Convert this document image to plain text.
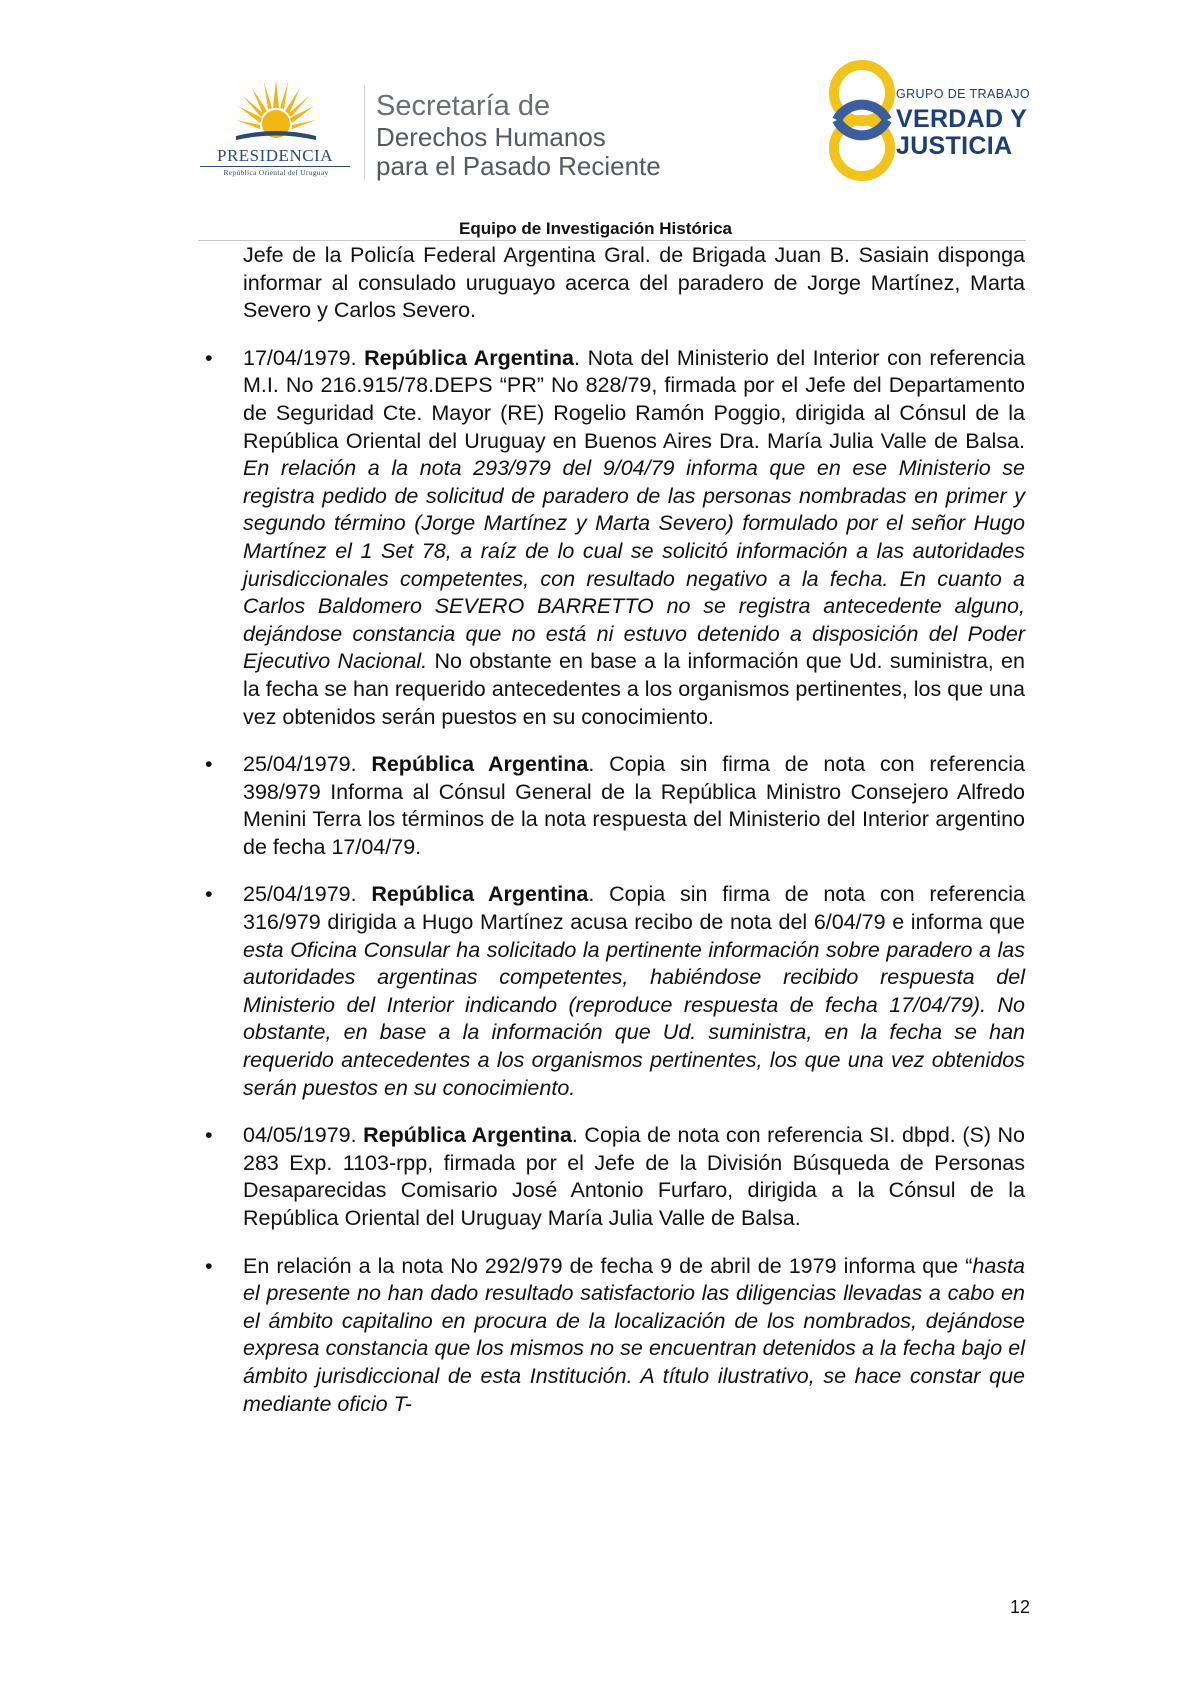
PRESIDENCIA
República Oriental del Uruguay
Secretaría de
Derechos Humanos
para el Pasado Reciente
GRUPO DE TRABAJO
VERDAD Y
JUSTICIA
Equipo de Investigación Histórica

Jefe de la Policía Federal Argentina Gral. de Brigada Juan B. Sasiain disponga informar al consulado uruguayo acerca del paradero de Jorge Martínez, Marta Severo y Carlos Severo.

• 17/04/1979. República Argentina. Nota del Ministerio del Interior con referencia M.I. No 216.915/78.DEPS “PR” No 828/79, firmada por el Jefe del Departamento de Seguridad Cte. Mayor (RE) Rogelio Ramón Poggio, dirigida al Cónsul de la República Oriental del Uruguay en Buenos Aires Dra. María Julia Valle de Balsa. En relación a la nota 293/979 del 9/04/79 informa que en ese Ministerio se registra pedido de solicitud de paradero de las personas nombradas en primer y segundo término (Jorge Martínez y Marta Severo) formulado por el señor Hugo Martínez el 1 Set 78, a raíz de lo cual se solicitó información a las autoridades jurisdiccionales competentes, con resultado negativo a la fecha. En cuanto a Carlos Baldomero SEVERO BARRETTO no se registra antecedente alguno, dejándose constancia que no está ni estuvo detenido a disposición del Poder Ejecutivo Nacional. No obstante en base a la información que Ud. suministra, en la fecha se han requerido antecedentes a los organismos pertinentes, los que una vez obtenidos serán puestos en su conocimiento.

• 25/04/1979. República Argentina. Copia sin firma de nota con referencia 398/979 Informa al Cónsul General de la República Ministro Consejero Alfredo Menini Terra los términos de la nota respuesta del Ministerio del Interior argentino de fecha 17/04/79.

• 25/04/1979. República Argentina. Copia sin firma de nota con referencia 316/979 dirigida a Hugo Martínez acusa recibo de nota del 6/04/79 e informa que esta Oficina Consular ha solicitado la pertinente información sobre paradero a las autoridades argentinas competentes, habiéndose recibido respuesta del Ministerio del Interior indicando (reproduce respuesta de fecha 17/04/79). No obstante, en base a la información que Ud. suministra, en la fecha se han requerido antecedentes a los organismos pertinentes, los que una vez obtenidos serán puestos en su conocimiento.

• 04/05/1979. República Argentina. Copia de nota con referencia SI. dbpd. (S) No 283 Exp. 1103-rpp, firmada por el Jefe de la División Búsqueda de Personas Desaparecidas Comisario José Antonio Furfaro, dirigida a la Cónsul de la República Oriental del Uruguay María Julia Valle de Balsa.

• En relación a la nota No 292/979 de fecha 9 de abril de 1979 informa que “hasta el presente no han dado resultado satisfactorio las diligencias llevadas a cabo en el ámbito capitalino en procura de la localización de los nombrados, dejándose expresa constancia que los mismos no se encuentran detenidos a la fecha bajo el ámbito jurisdiccional de esta Institución. A título ilustrativo, se hace constar que mediante oficio T-

12
